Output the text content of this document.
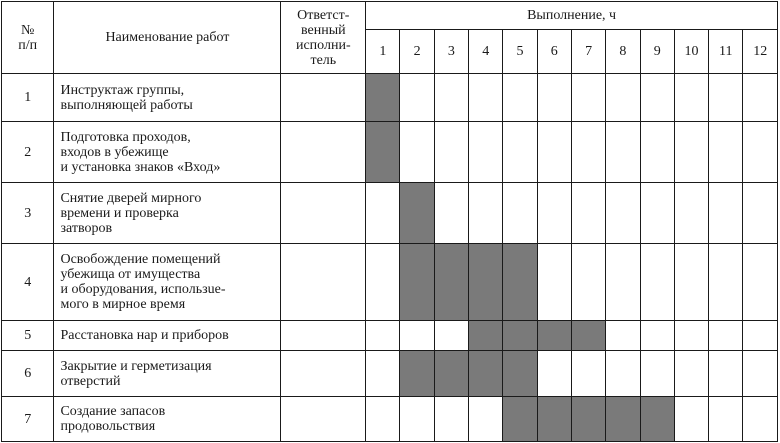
№
п/п	Наименование работ	Ответст-
венный
исполни-
тель	Выполнение, ч											
			1	2	3	4	5	6	7	8	9	10	11	12
1	Инструктаж группы,
выполняющей работы													

2	Подготовка проходов,
входов в убежище
и установка знаков «Вход»													

3	Снятие дверей мирного
времени и проверка
затворов													

4	Освобождение помещений
убежища от имущества
и оборудования, использue-
мого в мирное время													

5	Расстановка нар и приборов													

6	Закрытие и герметизация
отверстий													

7	Создание запасов
продовольствия													
